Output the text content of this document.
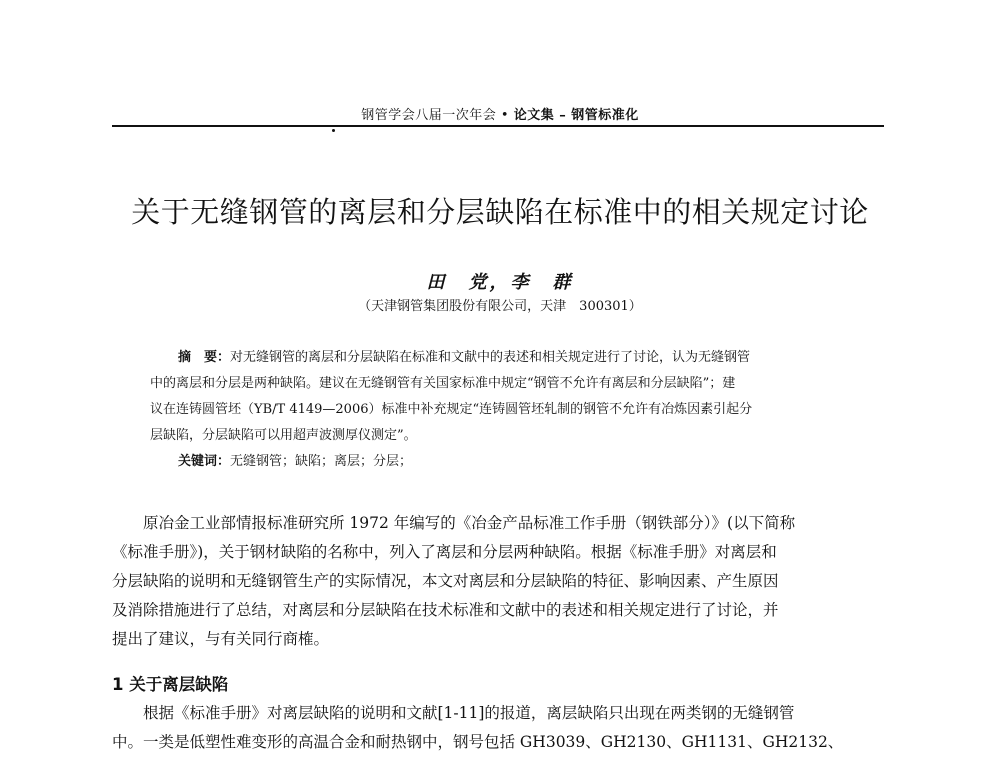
钢管学会八届一次年会 • 论文集 – 钢管标准化
关于无缝钢管的离层和分层缺陷在标准中的相关规定讨论
田　党，李　群
（天津钢管集团股份有限公司，天津　300301）
摘　要：对无缝钢管的离层和分层缺陷在标准和文献中的表述和相关规定进行了讨论，认为无缝钢管
中的离层和分层是两种缺陷。建议在无缝钢管有关国家标准中规定“钢管不允许有离层和分层缺陷”；建
议在连铸圆管坯（YB/T 4149—2006）标准中补充规定“连铸圆管坯轧制的钢管不允许有冶炼因素引起分
层缺陷，分层缺陷可以用超声波测厚仪测定”。
关键词：无缝钢管；缺陷；离层；分层；
原冶金工业部情报标准研究所 1972 年编写的《冶金产品标准工作手册（钢铁部分）》(以下简称
《标准手册》)，关于钢材缺陷的名称中，列入了离层和分层两种缺陷。根据《标准手册》对离层和
分层缺陷的说明和无缝钢管生产的实际情况，本文对离层和分层缺陷的特征、影响因素、产生原因
及消除措施进行了总结，对离层和分层缺陷在技术标准和文献中的表述和相关规定进行了讨论，并
提出了建议，与有关同行商榷。
1 关于离层缺陷
根据《标准手册》对离层缺陷的说明和文献[1-11]的报道，离层缺陷只出现在两类钢的无缝钢管
中。一类是低塑性难变形的高温合金和耐热钢中，钢号包括 GH3039、GH2130、GH1131、GH2132、
